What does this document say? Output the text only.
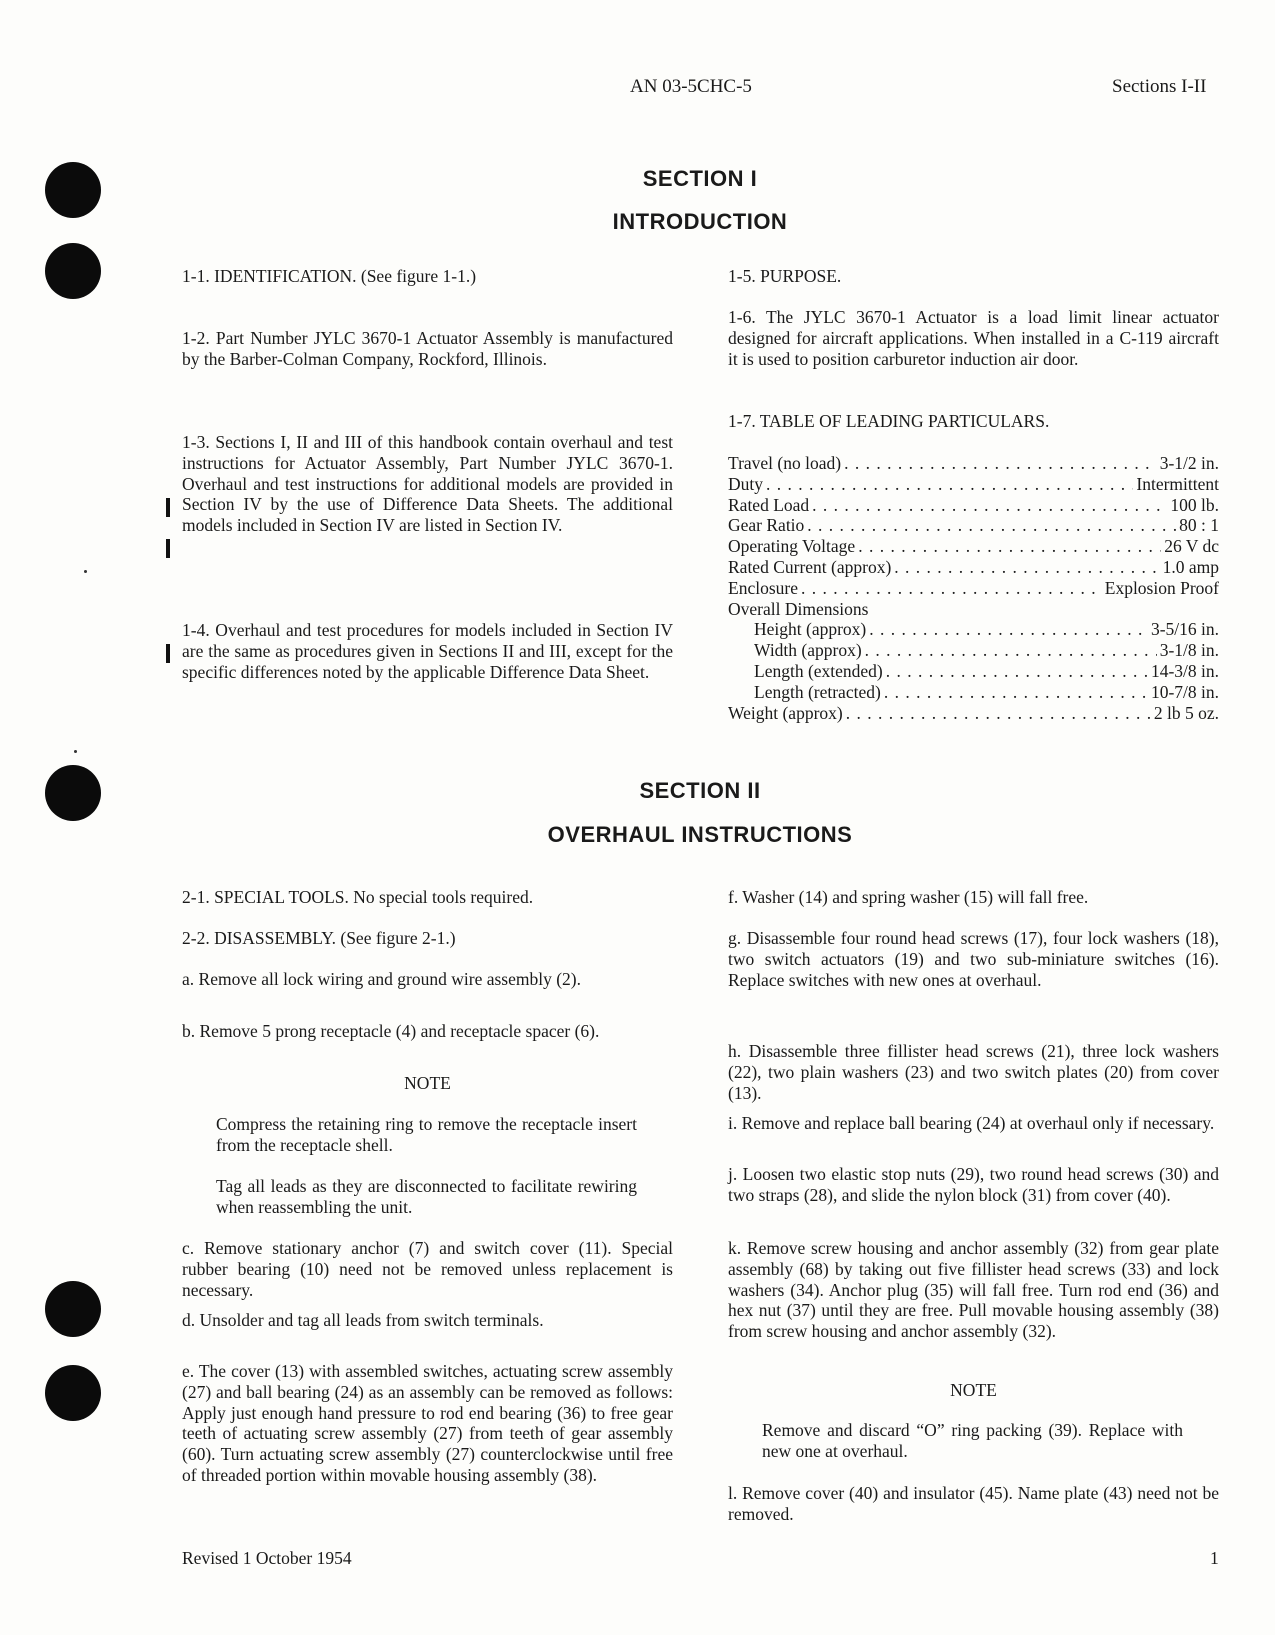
AN 03-5CHC-5	Sections I-II
SECTION I
INTRODUCTION

1-1. IDENTIFICATION. (See figure 1-1.)

1-2. Part Number JYLC 3670-1 Actuator Assembly is manufactured by the Barber-Colman Company, Rockford, Illinois.

1-3. Sections I, II and III of this handbook contain overhaul and test instructions for Actuator Assembly, Part Number JYLC 3670-1. Overhaul and test instructions for additional models are provided in Section IV by the use of Difference Data Sheets. The additional models included in Section IV are listed in Section IV.

1-4. Overhaul and test procedures for models included in Section IV are the same as procedures given in Sections II and III, except for the specific differences noted by the applicable Difference Data Sheet.

1-5. PURPOSE.

1-6. The JYLC 3670-1 Actuator is a load limit linear actuator designed for aircraft applications. When installed in a C-119 aircraft it is used to position carburetor induction air door.

1-7. TABLE OF LEADING PARTICULARS.

Travel (no load) . . .	3-1/2 in.
Duty . . .	Intermittent
Rated Load . . .	100 lb.
Gear Ratio . . .	80 : 1
Operating Voltage . . .	26 V dc
Rated Current (approx) . . .	1.0 amp
Enclosure . . .	Explosion Proof
Overall Dimensions
Height (approx) . . .	3-5/16 in.
Width (approx) . . .	3-1/8 in.
Length (extended) . . .	14-3/8 in.
Length (retracted) . . .	10-7/8 in.
Weight (approx) . . .	2 lb 5 oz.
SECTION II
OVERHAUL INSTRUCTIONS

2-1. SPECIAL TOOLS. No special tools required.

2-2. DISASSEMBLY. (See figure 2-1.)

a. Remove all lock wiring and ground wire assembly (2).

b. Remove 5 prong receptacle (4) and receptacle spacer (6).

NOTE

Compress the retaining ring to remove the receptacle insert from the receptacle shell.

Tag all leads as they are disconnected to facilitate rewiring when reassembling the unit.

c. Remove stationary anchor (7) and switch cover (11). Special rubber bearing (10) need not be removed unless replacement is necessary.

d. Unsolder and tag all leads from switch terminals.

e. The cover (13) with assembled switches, actuating screw assembly (27) and ball bearing (24) as an assembly can be removed as follows: Apply just enough hand pressure to rod end bearing (36) to free gear teeth of actuating screw assembly (27) from teeth of gear assembly (60). Turn actuating screw assembly (27) counterclockwise until free of threaded portion within movable housing assembly (38).

f. Washer (14) and spring washer (15) will fall free.

g. Disassemble four round head screws (17), four lock washers (18), two switch actuators (19) and two sub-miniature switches (16). Replace switches with new ones at overhaul.

h. Disassemble three fillister head screws (21), three lock washers (22), two plain washers (23) and two switch plates (20) from cover (13).

i. Remove and replace ball bearing (24) at overhaul only if necessary.

j. Loosen two elastic stop nuts (29), two round head screws (30) and two straps (28), and slide the nylon block (31) from cover (40).

k. Remove screw housing and anchor assembly (32) from gear plate assembly (68) by taking out five fillister head screws (33) and lock washers (34). Anchor plug (35) will fall free. Turn rod end (36) and hex nut (37) until they are free. Pull movable housing assembly (38) from screw housing and anchor assembly (32).

NOTE

Remove and discard “O” ring packing (39). Replace with new one at overhaul.

l. Remove cover (40) and insulator (45). Name plate (43) need not be removed.

Revised 1 October 1954	1
